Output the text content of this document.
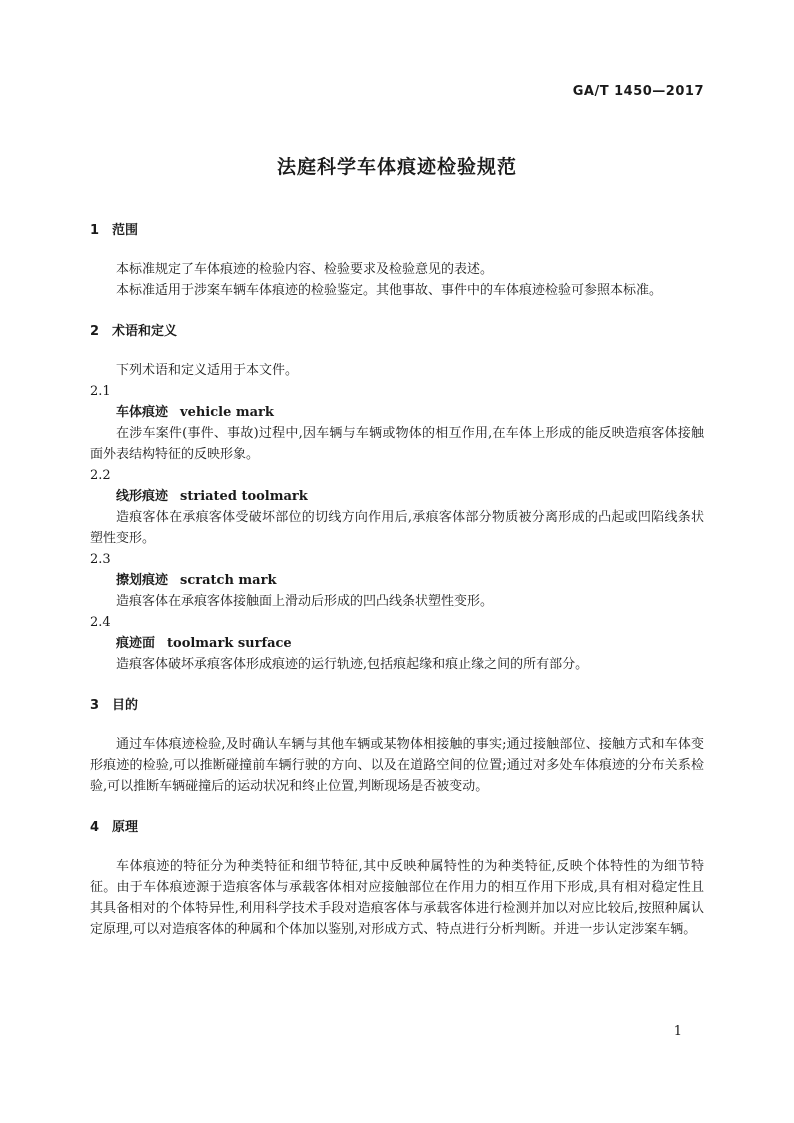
GA/T 1450—2017
法庭科学车体痕迹检验规范

1 范围

本标准规定了车体痕迹的检验内容、检验要求及检验意见的表述。

本标准适用于涉案车辆车体痕迹的检验鉴定。其他事故、事件中的车体痕迹检验可参照本标准。

2 术语和定义

下列术语和定义适用于本文件。

2.1

车体痕迹 vehicle mark

在涉车案件(事件、事故)过程中,因车辆与车辆或物体的相互作用,在车体上形成的能反映造痕客体接触面外表结构特征的反映形象。

2.2

线形痕迹 striated toolmark

造痕客体在承痕客体受破坏部位的切线方向作用后,承痕客体部分物质被分离形成的凸起或凹陷线条状塑性变形。

2.3

擦划痕迹 scratch mark

造痕客体在承痕客体接触面上滑动后形成的凹凸线条状塑性变形。

2.4

痕迹面 toolmark surface

造痕客体破坏承痕客体形成痕迹的运行轨迹,包括痕起缘和痕止缘之间的所有部分。

3 目的

通过车体痕迹检验,及时确认车辆与其他车辆或某物体相接触的事实;通过接触部位、接触方式和车体变形痕迹的检验,可以推断碰撞前车辆行驶的方向、以及在道路空间的位置;通过对多处车体痕迹的分布关系检验,可以推断车辆碰撞后的运动状况和终止位置,判断现场是否被变动。

4 原理

车体痕迹的特征分为种类特征和细节特征,其中反映种属特性的为种类特征,反映个体特性的为细节特征。由于车体痕迹源于造痕客体与承载客体相对应接触部位在作用力的相互作用下形成,具有相对稳定性且其具备相对的个体特异性,利用科学技术手段对造痕客体与承载客体进行检测并加以对应比较后,按照种属认定原理,可以对造痕客体的种属和个体加以鉴别,对形成方式、特点进行分析判断。并进一步认定涉案车辆。

1
